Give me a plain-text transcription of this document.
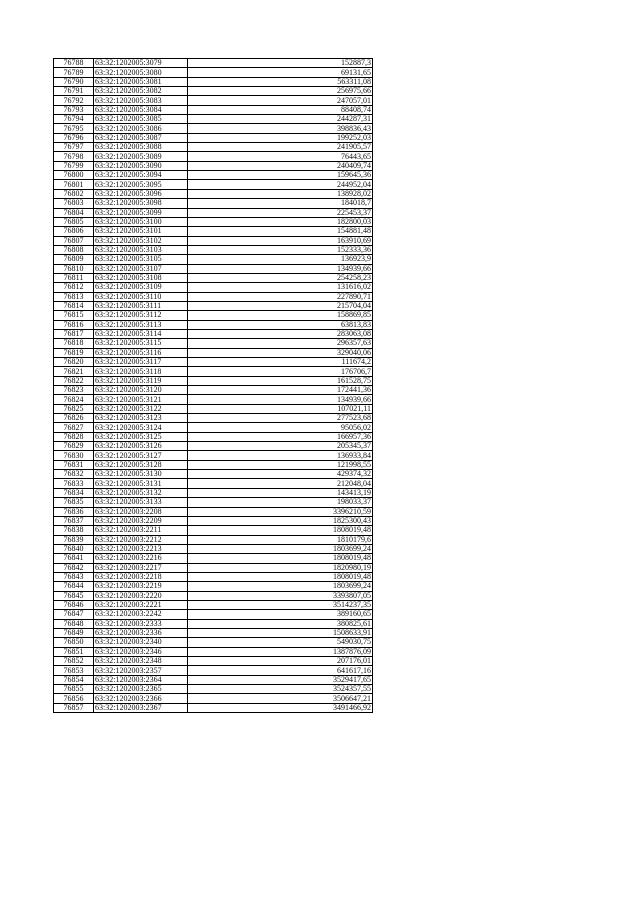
76788	63:32:1202005:3079	152887,3
76789	63:32:1202005:3080	69131,65
76790	63:32:1202005:3081	563311,08
76791	63:32:1202005:3082	256975,66
76792	63:32:1202005:3083	247057,01
76793	63:32:1202005:3084	88408,74
76794	63:32:1202005:3085	244287,31
76795	63:32:1202005:3086	398836,43
76796	63:32:1202005:3087	199252,03
76797	63:32:1202005:3088	241905,57
76798	63:32:1202005:3089	76443,65
76799	63:32:1202005:3090	240409,74
76800	63:32:1202005:3094	159645,36
76801	63:32:1202005:3095	244952,04
76802	63:32:1202005:3096	138928,02
76803	63:32:1202005:3098	184018,7
76804	63:32:1202005:3099	225453,37
76805	63:32:1202005:3100	182800,03
76806	63:32:1202005:3101	154881,48
76807	63:32:1202005:3102	163910,69
76808	63:32:1202005:3103	152333,36
76809	63:32:1202005:3105	136923,9
76810	63:32:1202005:3107	134939,66
76811	63:32:1202005:3108	254258,23
76812	63:32:1202005:3109	131616,02
76813	63:32:1202005:3110	227890,71
76814	63:32:1202005:3111	215704,04
76815	63:32:1202005:3112	158869,85
76816	63:32:1202005:3113	63813,83
76817	63:32:1202005:3114	283063,08
76818	63:32:1202005:3115	296357,63
76819	63:32:1202005:3116	329040,06
76820	63:32:1202005:3117	111674,2
76821	63:32:1202005:3118	176706,7
76822	63:32:1202005:3119	161528,75
76823	63:32:1202005:3120	172441,36
76824	63:32:1202005:3121	134939,66
76825	63:32:1202005:3122	107021,11
76826	63:32:1202005:3123	277523,68
76827	63:32:1202005:3124	95056,02
76828	63:32:1202005:3125	166957,36
76829	63:32:1202005:3126	205345,37
76830	63:32:1202005:3127	136933,84
76831	63:32:1202005:3128	121998,55
76832	63:32:1202005:3130	429374,32
76833	63:32:1202005:3131	212048,04
76834	63:32:1202005:3132	143413,19
76835	63:32:1202005:3133	198033,37
76836	63:32:1202003:2208	3396210,59
76837	63:32:1202003:2209	1825300,43
76838	63:32:1202003:2211	1808019,48
76839	63:32:1202003:2212	1810179,6
76840	63:32:1202003:2213	1803699,24
76841	63:32:1202003:2216	1808019,48
76842	63:32:1202003:2217	1820980,19
76843	63:32:1202003:2218	1808019,48
76844	63:32:1202003:2219	1803699,24
76845	63:32:1202003:2220	3393807,05
76846	63:32:1202003:2221	3514237,35
76847	63:32:1202003:2242	389160,65
76848	63:32:1202003:2333	380825,61
76849	63:32:1202003:2336	1508633,91
76850	63:32:1202003:2340	549030,75
76851	63:32:1202003:2346	1387876,09
76852	63:32:1202003:2348	207176,01
76853	63:32:1202003:2357	641617,16
76854	63:32:1202003:2364	3529417,65
76855	63:32:1202003:2365	3524357,55
76856	63:32:1202003:2366	3506647,21
76857	63:32:1202003:2367	3491466,92
